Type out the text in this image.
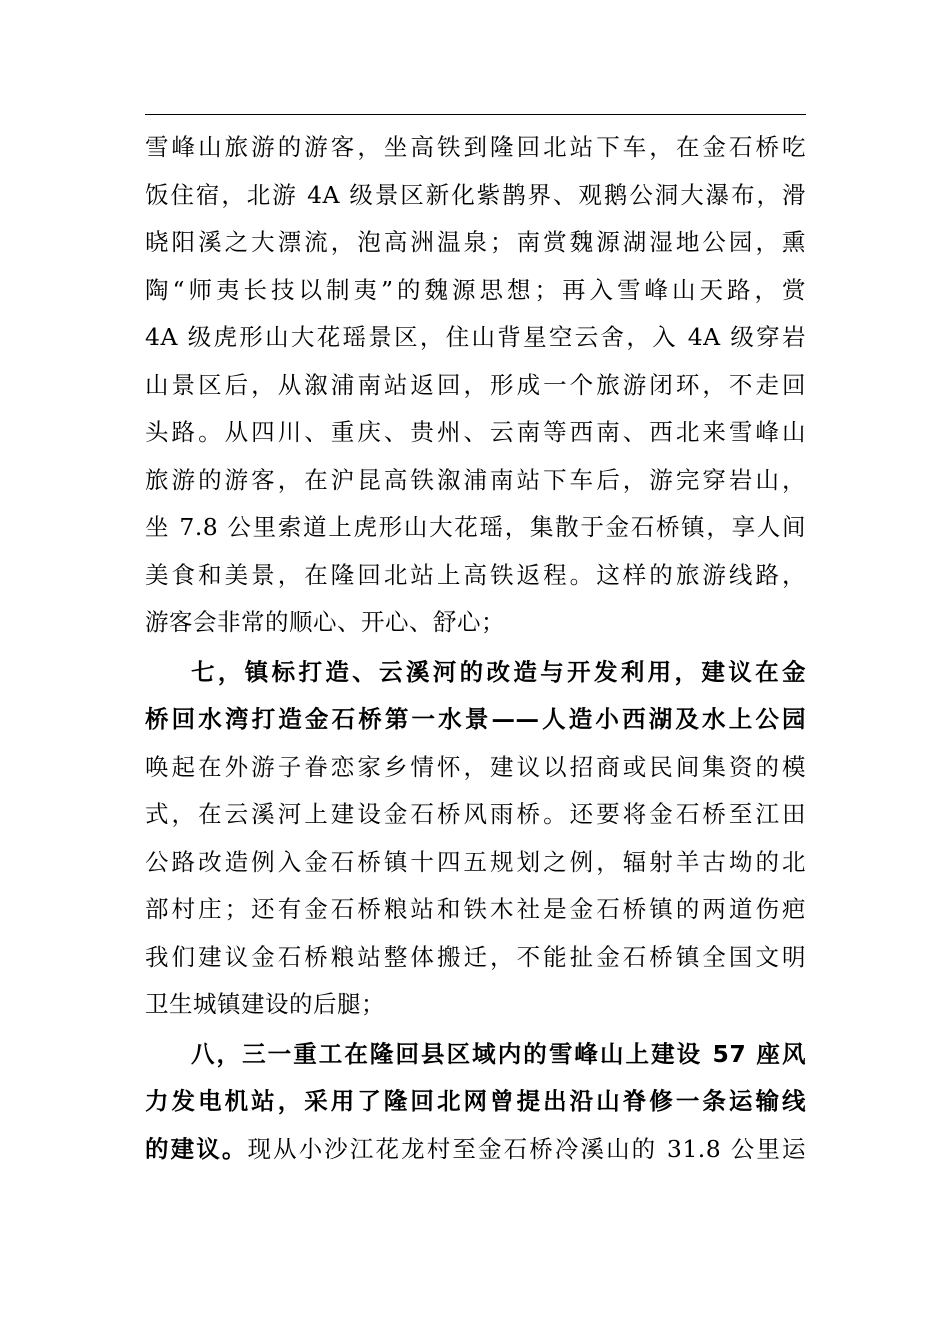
雪峰山旅游的游客，坐高铁到隆回北站下车，在金石桥吃
饭住宿，北游 4A 级景区新化紫鹊界、观鹅公洞大瀑布，滑
晓阳溪之大漂流，泡高洲温泉；南赏魏源湖湿地公园，熏
陶“师夷长技以制夷”的魏源思想；再入雪峰山天路，赏
4A 级虎形山大花瑶景区，住山背星空云舍，入 4A 级穿岩
山景区后，从溆浦南站返回，形成一个旅游闭环，不走回
头路。从四川、重庆、贵州、云南等西南、西北来雪峰山
旅游的游客，在沪昆高铁溆浦南站下车后，游完穿岩山，
坐 7.8 公里索道上虎形山大花瑶，集散于金石桥镇，享人间
美食和美景，在隆回北站上高铁返程。这样的旅游线路，
游客会非常的顺心、开心、舒心；
七，镇标打造、云溪河的改造与开发利用，建议在金
桥回水湾打造金石桥第一水景——人造小西湖及水上公园
唤起在外游子眷恋家乡情怀，建议以招商或民间集资的模
式，在云溪河上建设金石桥风雨桥。还要将金石桥至江田
公路改造例入金石桥镇十四五规划之例，辐射羊古坳的北
部村庄；还有金石桥粮站和铁木社是金石桥镇的两道伤疤
我们建议金石桥粮站整体搬迁，不能扯金石桥镇全国文明
卫生城镇建设的后腿；
八，三一重工在隆回县区域内的雪峰山上建设 57 座风
力发电机站，采用了隆回北网曾提出沿山脊修一条运输线
的建议。现从小沙江花龙村至金石桥冷溪山的 31.8 公里运
